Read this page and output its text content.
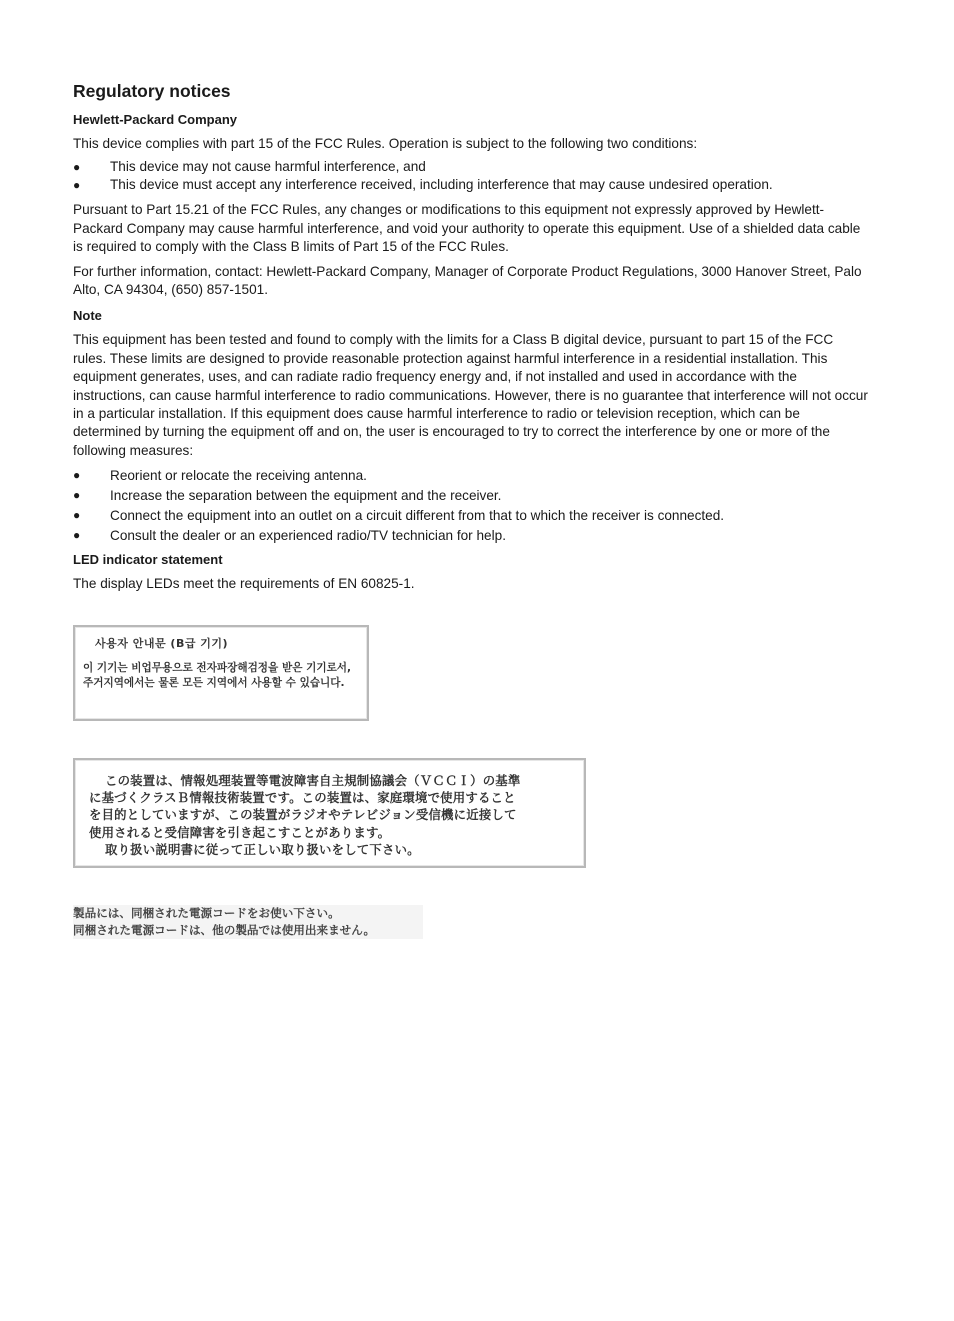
Regulatory notices
Hewlett-Packard Company

This device complies with part 15 of the FCC Rules. Operation is subject to the following two conditions:

● This device may not cause harmful interference, and
● This device must accept any interference received, including interference that may cause undesired operation.

Pursuant to Part 15.21 of the FCC Rules, any changes or modifications to this equipment not expressly approved by Hewlett-Packard Company may cause harmful interference, and void your authority to operate this equipment. Use of a shielded data cable is required to comply with the Class B limits of Part 15 of the FCC Rules.

For further information, contact: Hewlett-Packard Company, Manager of Corporate Product Regulations, 3000 Hanover Street, Palo Alto, CA 94304, (650) 857-1501.

Note

This equipment has been tested and found to comply with the limits for a Class B digital device, pursuant to part 15 of the FCC rules. These limits are designed to provide reasonable protection against harmful interference in a residential installation. This equipment generates, uses, and can radiate radio frequency energy and, if not installed and used in accordance with the instructions, can cause harmful interference to radio communications. However, there is no guarantee that interference will not occur in a particular installation. If this equipment does cause harmful interference to radio or television reception, which can be determined by turning the equipment off and on, the user is encouraged to try to correct the interference by one or more of the following measures:

● Reorient or relocate the receiving antenna.
● Increase the separation between the equipment and the receiver.
● Connect the equipment into an outlet on a circuit different from that to which the receiver is connected.
● Consult the dealer or an experienced radio/TV technician for help.
LED indicator statement

The display LEDs meet the requirements of EN 60825-1.

사용자 안내문 (B급 기기)
이 기기는 비업무용으로 전자파장해검정을 받은 기기로서, 주거지역에서는 물론 모든 지역에서 사용할 수 있습니다.
この装置は、情報処理装置等電波障害自主規制協議会（ＶＣＣＩ）の基準
に基づくクラスＢ情報技術装置です。この装置は、家庭環境で使用すること
を目的としていますが、この装置がラジオやテレビジョン受信機に近接して
使用されると受信障害を引き起こすことがあります。
取り扱い説明書に従って正しい取り扱いをして下さい。
製品には、同梱された電源コードをお使い下さい。
同梱された電源コードは、他の製品では使用出来ません。
